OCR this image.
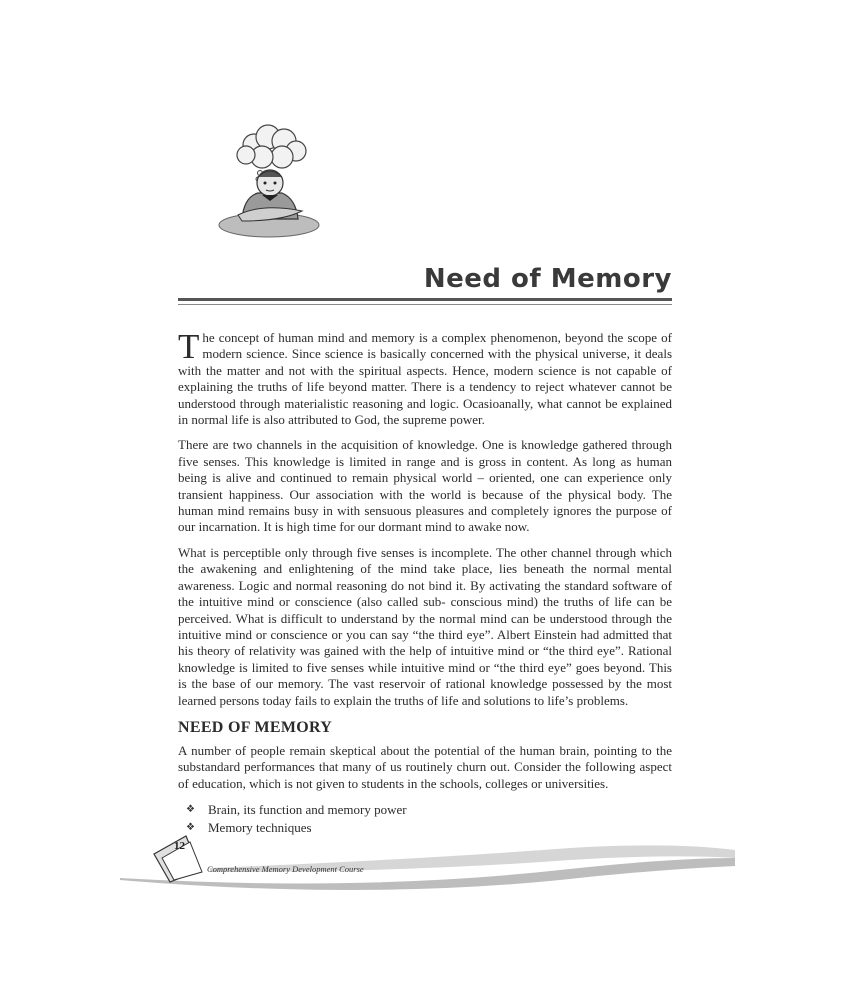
Need of Memory

The concept of human mind and memory is a complex phenomenon, beyond the scope of modern science. Since science is basically concerned with the physical universe, it deals with the matter and not with the spiritual aspects. Hence, modern science is not capable of explaining the truths of life beyond matter. There is a tendency to reject whatever cannot be understood through materialistic reasoning and logic. Ocasioanally, what cannot be explained in normal life is also attributed to God, the supreme power.

There are two channels in the acquisition of knowledge. One is knowledge gathered through five senses. This knowledge is limited in range and is gross in content. As long as human being is alive and continued to remain physical world – oriented, one can experience only transient happiness. Our association with the world is because of the physical body. The human mind remains busy in with sensuous pleasures and completely ignores the purpose of our incarnation. It is high time for our dormant mind to awake now.

What is perceptible only through five senses is incomplete. The other channel through which the awakening and enlightening of the mind take place, lies beneath the normal mental awareness. Logic and normal reasoning do not bind it. By activating the standard software of the intuitive mind or conscience (also called sub- conscious mind) the truths of life can be perceived. What is difficult to understand by the normal mind can be understood through the intuitive mind or conscience or you can say “the third eye”. Albert Einstein had admitted that his theory of relativity was gained with the help of intuitive mind or “the third eye”. Rational knowledge is limited to five senses while intuitive mind or “the third eye” goes beyond. This is the base of our memory. The vast reservoir of rational knowledge possessed by the most learned persons today fails to explain the truths of life and solutions to life’s problems.

NEED OF MEMORY

A number of people remain skeptical about the potential of the human brain, pointing to the substandard performances that many of us routinely churn out. Consider the following aspect of education, which is not given to students in the schools, colleges or universities.

❖ Brain, its function and memory power
❖ Memory techniques
12
Comprehensive Memory Development Course
